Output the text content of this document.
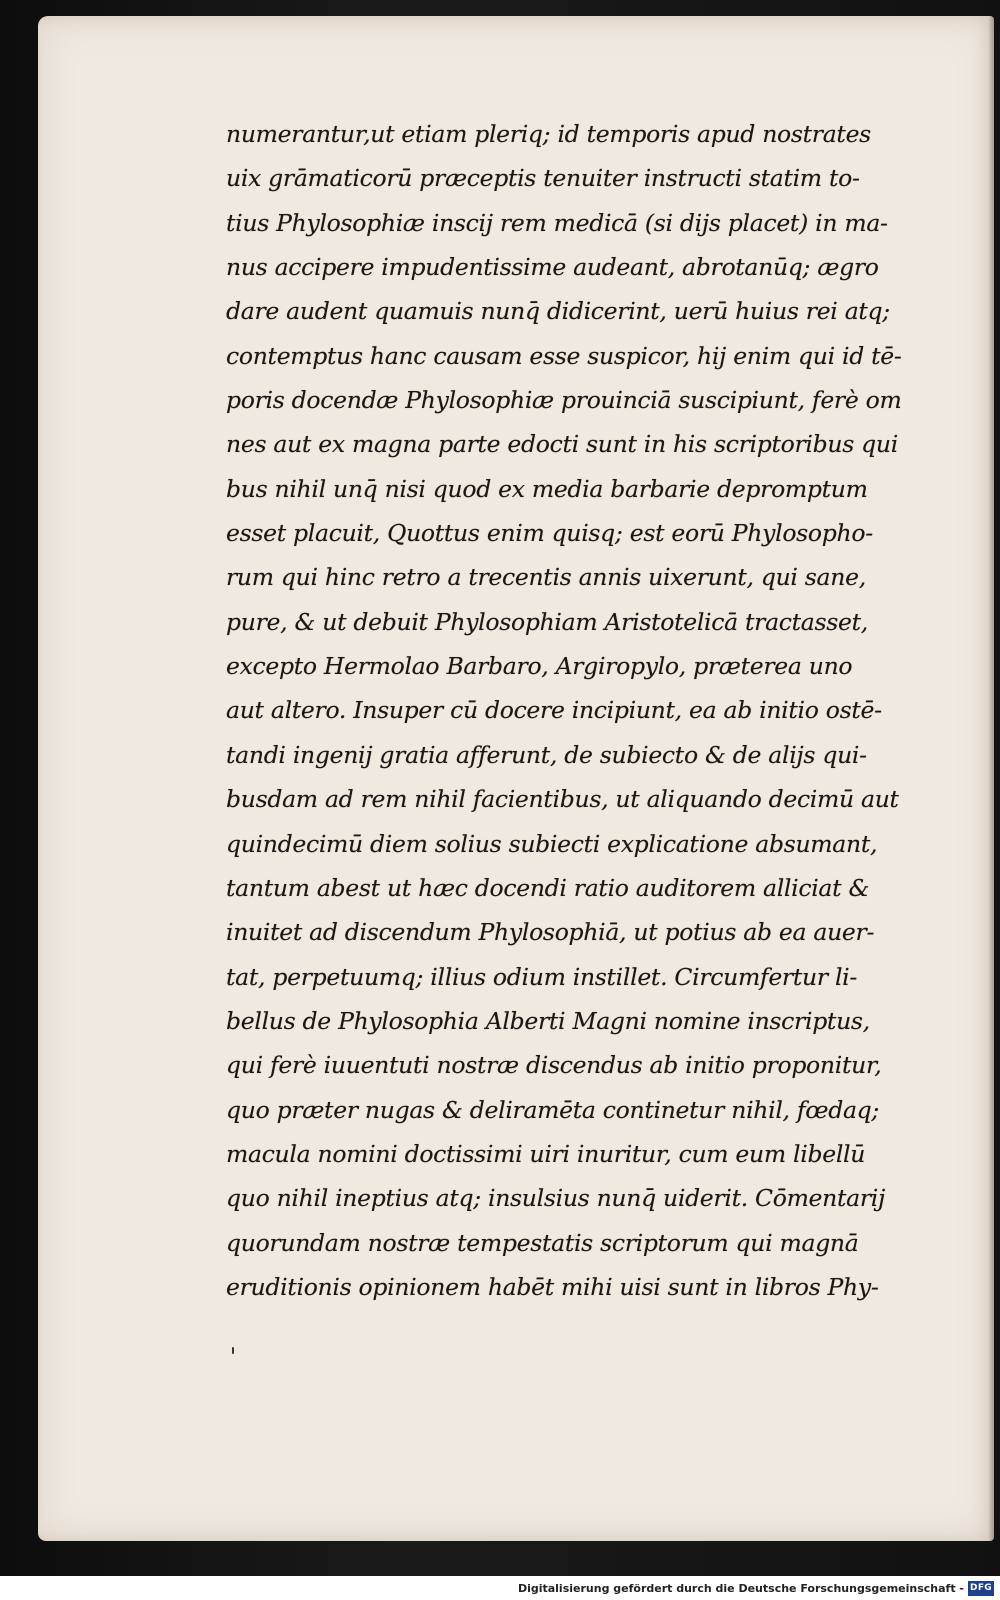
numerantur,ut etiam pleriq; id temporis apud nostrates
uix grāmaticorū præceptis tenuiter instructi statim to-
tius Phylosophiæ inscij rem medicā (si dijs placet) in ma-
nus accipere impudentissime audeant, abrotanūq; ægro
dare audent quamuis nunq̄ didicerint, uerū huius rei atq;
contemptus hanc causam esse suspicor, hij enim qui id tē-
poris docendæ Phylosophiæ prouinciā suscipiunt, ferè om
nes aut ex magna parte edocti sunt in his scriptoribus qui
bus nihil unq̄ nisi quod ex media barbarie depromptum
esset placuit, Quottus enim quisq; est eorū Phylosopho-
rum qui hinc retro a trecentis annis uixerunt, qui sane,
pure, & ut debuit Phylosophiam Aristotelicā tractasset,
excepto Hermolao Barbaro, Argiropylo, præterea uno
aut altero. Insuper cū docere incipiunt, ea ab initio ostē-
tandi ingenij gratia afferunt, de subiecto & de alijs qui-
busdam ad rem nihil facientibus, ut aliquando decimū aut
quindecimū diem solius subiecti explicatione absumant,
tantum abest ut hæc docendi ratio auditorem alliciat &
inuitet ad discendum Phylosophiā, ut potius ab ea auer-
tat, perpetuumq; illius odium instillet. Circumfertur li-
bellus de Phylosophia Alberti Magni nomine inscriptus,
qui ferè iuuentuti nostræ discendus ab initio proponitur,
quo præter nugas & deliramēta continetur nihil, fœdaq;
macula nomini doctissimi uiri inuritur, cum eum libellū
quo nihil ineptius atq; insulsius nunq̄ uiderit. Cōmentarij
quorundam nostræ tempestatis scriptorum qui magnā
eruditionis opinionem habēt mihi uisi sunt in libros Phy-
Digitalisierung gefördert durch die Deutsche Forschungsgemeinschaft - DFG
